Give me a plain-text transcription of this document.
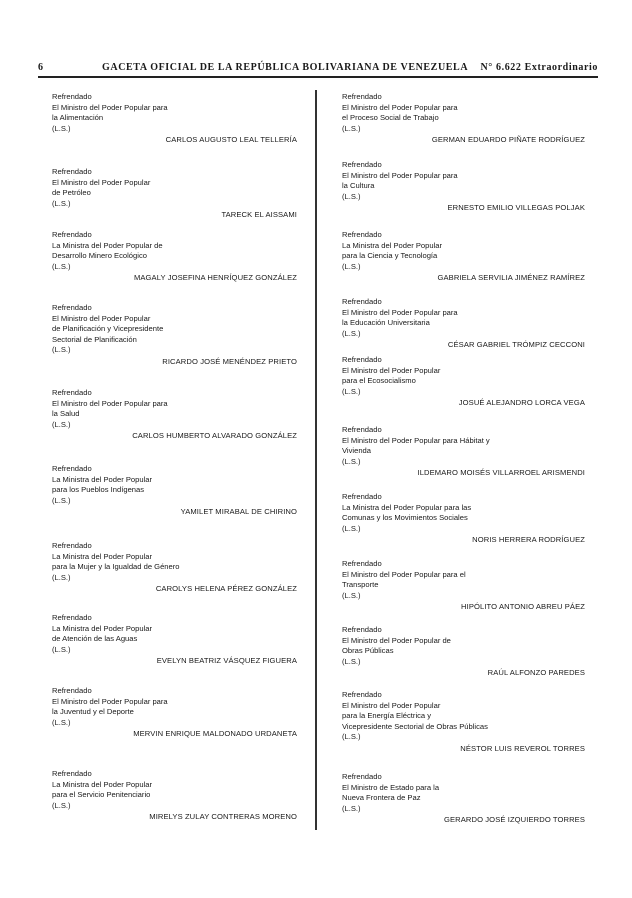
6	GACETA OFICIAL DE LA REPÚBLICA BOLIVARIANA DE VENEZUELA N° 6.622 Extraordinario
Refrendado
El Ministro del Poder Popular para
la Alimentación
(L.S.)
CARLOS AUGUSTO LEAL TELLERÍA
Refrendado
El Ministro del Poder Popular
de Petróleo
(L.S.)
TARECK EL AISSAMI
Refrendado
La Ministra del Poder Popular de
Desarrollo Minero Ecológico
(L.S.)
MAGALY JOSEFINA HENRÍQUEZ GONZÁLEZ
Refrendado
El Ministro del Poder Popular
de Planificación y Vicepresidente
Sectorial de Planificación
(L.S.)
RICARDO JOSÉ MENÉNDEZ PRIETO
Refrendado
El Ministro del Poder Popular para
la Salud
(L.S.)
CARLOS HUMBERTO ALVARADO GONZÁLEZ
Refrendado
La Ministra del Poder Popular
para los Pueblos Indígenas
(L.S.)
YAMILET MIRABAL DE CHIRINO
Refrendado
La Ministra del Poder Popular
para la Mujer y la Igualdad de Género
(L.S.)
CAROLYS HELENA PÉREZ GONZÁLEZ
Refrendado
La Ministra del Poder Popular
de Atención de las Aguas
(L.S.)
EVELYN BEATRIZ VÁSQUEZ FIGUERA
Refrendado
El Ministro del Poder Popular para
la Juventud y el Deporte
(L.S.)
MERVIN ENRIQUE MALDONADO URDANETA
Refrendado
La Ministra del Poder Popular
para el Servicio Penitenciario
(L.S.)
MIRELYS ZULAY CONTRERAS MORENO
Refrendado
El Ministro del Poder Popular para
el Proceso Social de Trabajo
(L.S.)
GERMAN EDUARDO PIÑATE RODRÍGUEZ
Refrendado
El Ministro del Poder Popular para
la Cultura
(L.S.)
ERNESTO EMILIO VILLEGAS POLJAK
Refrendado
La Ministra del Poder Popular
para la Ciencia y Tecnología
(L.S.)
GABRIELA SERVILIA JIMÉNEZ RAMÍREZ
Refrendado
El Ministro del Poder Popular para
la Educación Universitaria
(L.S.)
CÉSAR GABRIEL TRÓMPIZ CECCONI
Refrendado
El Ministro del Poder Popular
para el Ecosocialismo
(L.S.)
JOSUÉ ALEJANDRO LORCA VEGA
Refrendado
El Ministro del Poder Popular para Hábitat y
Vivienda
(L.S.)
ILDEMARO MOISÉS VILLARROEL ARISMENDI
Refrendado
La Ministra del Poder Popular para las
Comunas y los Movimientos Sociales
(L.S.)
NORIS HERRERA RODRÍGUEZ
Refrendado
El Ministro del Poder Popular para el
Transporte
(L.S.)
HIPÓLITO ANTONIO ABREU PÁEZ
Refrendado
El Ministro del Poder Popular de
Obras Públicas
(L.S.)
RAÚL ALFONZO PAREDES
Refrendado
El Ministro del Poder Popular
para la Energía Eléctrica y
Vicepresidente Sectorial de Obras Públicas
(L.S.)
NÉSTOR LUIS REVEROL TORRES
Refrendado
El Ministro de Estado para la
Nueva Frontera de Paz
(L.S.)
GERARDO JOSÉ IZQUIERDO TORRES
